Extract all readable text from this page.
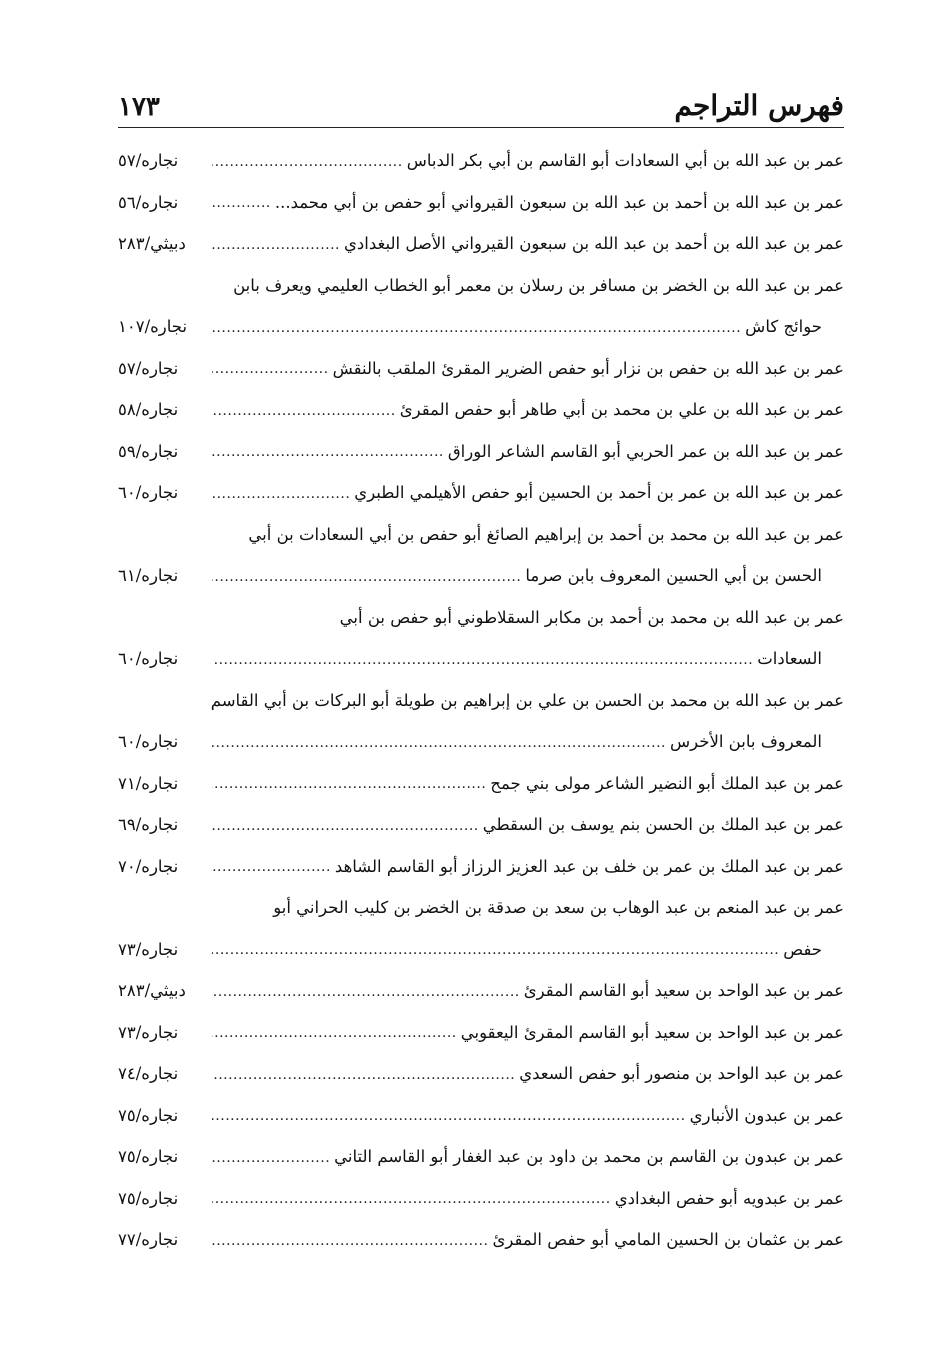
فهرس التراجم
١٧٣
عمر بن عبد الله بن أبي السعادات أبو القاسم بن أبي بكر الدباس
.....
نجاره/٥٧
عمر بن عبد الله بن أحمد بن عبد الله بن سبعون القيرواني أبو حفص بن أبي محمد...
.....
نجاره/٥٦
عمر بن عبد الله بن أحمد بن عبد الله بن سبعون القيرواني الأصل البغدادي
.....
دبيثي/٢٨٣
عمر بن عبد الله بن الخضر بن مسافر بن رسلان بن معمر أبو الخطاب العليمي ويعرف بابن
حوائج كاش
.....
نجاره/١٠٧
عمر بن عبد الله بن حفص بن نزار أبو حفص الضرير المقرئ الملقب بالنقش
.....
نجاره/٥٧
عمر بن عبد الله بن علي بن محمد بن أبي طاهر أبو حفص المقرئ
.....
نجاره/٥٨
عمر بن عبد الله بن عمر الحربي أبو القاسم الشاعر الوراق
.....
نجاره/٥٩
عمر بن عبد الله بن عمر بن أحمد بن الحسين أبو حفص الأهيلمي الطبري
.....
نجاره/٦٠
عمر بن عبد الله بن محمد بن أحمد بن إبراهيم الصائغ أبو حفص بن أبي السعادات بن أبي
الحسن بن أبي الحسين المعروف بابن صرما
.....
نجاره/٦١
عمر بن عبد الله بن محمد بن أحمد بن مكابر السقلاطوني أبو حفص بن أبي
السعادات
.....
نجاره/٦٠
عمر بن عبد الله بن محمد بن الحسن بن علي بن إبراهيم بن طويلة أبو البركات بن أبي القاسم
المعروف بابن الأخرس
.....
نجاره/٦٠
عمر بن عبد الملك أبو النضير الشاعر مولى بني جمح
.....
نجاره/٧١
عمر بن عبد الملك بن الحسن بنم يوسف بن السقطي
.....
نجاره/٦٩
عمر بن عبد الملك بن عمر بن خلف بن عبد العزيز الرزاز أبو القاسم الشاهد
.....
نجاره/٧٠
عمر بن عبد المنعم بن عبد الوهاب بن سعد بن صدقة بن الخضر بن كليب الحراني أبو
حفص
.....
نجاره/٧٣
عمر بن عبد الواحد بن سعيد أبو القاسم المقرئ
.....
دبيثي/٢٨٣
عمر بن عبد الواحد بن سعيد أبو القاسم المقرئ اليعقوبي
.....
نجاره/٧٣
عمر بن عبد الواحد بن منصور أبو حفص السعدي
.....
نجاره/٧٤
عمر بن عبدون الأنباري
.....
نجاره/٧٥
عمر بن عبدون بن القاسم بن محمد بن داود بن عبد الغفار أبو القاسم التاني
.....
نجاره/٧٥
عمر بن عبدويه أبو حفص البغدادي
.....
نجاره/٧٥
عمر بن عثمان بن الحسين المامي أبو حفص المقرئ
.....
نجاره/٧٧
